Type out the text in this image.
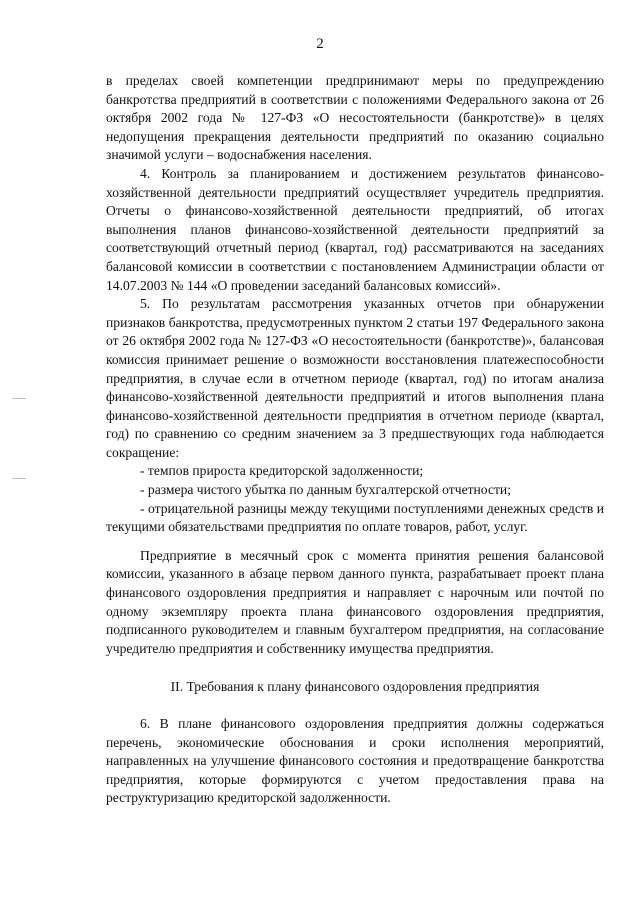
2

в пределах своей компетенции предпринимают меры по предупреждению банкротства предприятий в соответствии с положениями Федерального закона от 26 октября 2002 года № 127-ФЗ «О несостоятельности (банкротстве)» в целях недопущения прекращения деятельности предприятий по оказанию социально значимой услуги – водоснабжения населения.

4. Контроль за планированием и достижением результатов финансово-хозяйственной деятельности предприятий осуществляет учредитель предприятия. Отчеты о финансово-хозяйственной деятельности предприятий, об итогах выполнения планов финансово-хозяйственной деятельности предприятий за соответствующий отчетный период (квартал, год) рассматриваются на заседаниях балансовой комиссии в соответствии с постановлением Администрации области от 14.07.2003 № 144 «О проведении заседаний балансовых комиссий».

5. По результатам рассмотрения указанных отчетов при обнаружении признаков банкротства, предусмотренных пунктом 2 статьи 197 Федерального закона от 26 октября 2002 года № 127-ФЗ «О несостоятельности (банкротстве)», балансовая комиссия принимает решение о возможности восстановления платежеспособности предприятия, в случае если в отчетном периоде (квартал, год) по итогам анализа финансово-хозяйственной деятельности предприятий и итогов выполнения плана финансово-хозяйственной деятельности предприятия в отчетном периоде (квартал, год) по сравнению со средним значением за 3 предшествующих года наблюдается сокращение:

- темпов прироста кредиторской задолженности;

- размера чистого убытка по данным бухгалтерской отчетности;

- отрицательной разницы между текущими поступлениями денежных средств и текущими обязательствами предприятия по оплате товаров, работ, услуг.

Предприятие в месячный срок с момента принятия решения балансовой комиссии, указанного в абзаце первом данного пункта, разрабатывает проект плана финансового оздоровления предприятия и направляет с нарочным или почтой по одному экземпляру проекта плана финансового оздоровления предприятия, подписанного руководителем и главным бухгалтером предприятия, на согласование учредителю предприятия и собственнику имущества предприятия.

II. Требования к плану финансового оздоровления предприятия

6. В плане финансового оздоровления предприятия должны содержаться перечень, экономические обоснования и сроки исполнения мероприятий, направленных на улучшение финансового состояния и предотвращение банкротства предприятия, которые формируются с учетом предоставления права на реструктуризацию кредиторской задолженности.
